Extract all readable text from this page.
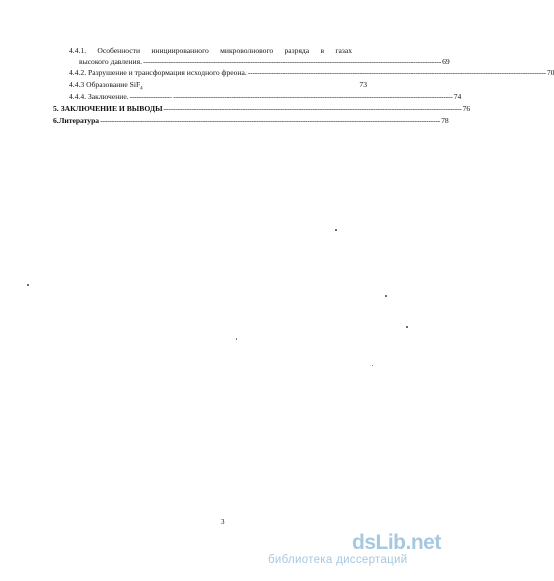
4.4.1. Особенности инициированного микроволнового разряда в газах
высокого давления. -------------------------------------------------------------------------------------------------------------------------------- 69
4.4.2. Разрушение и трансформация исходного фреона. -------------------------------------------------------------------------------------------------------------------------------- 70
4.4.3 Образование SiF$_4$
73
4.4.4. Заключение. ------------------ ------------------------------------------------------------------------------------------------------------------------ 74
5. ЗАКЛЮЧЕНИЕ И ВЫВОДЫ -------------------------------------------------------------------------------------------------------------------------------- 76
6.Литература -------------------------------------------------------------------------------------------------------------------------------------------------- 78
3
dsLib.net
библиотека диссертаций
